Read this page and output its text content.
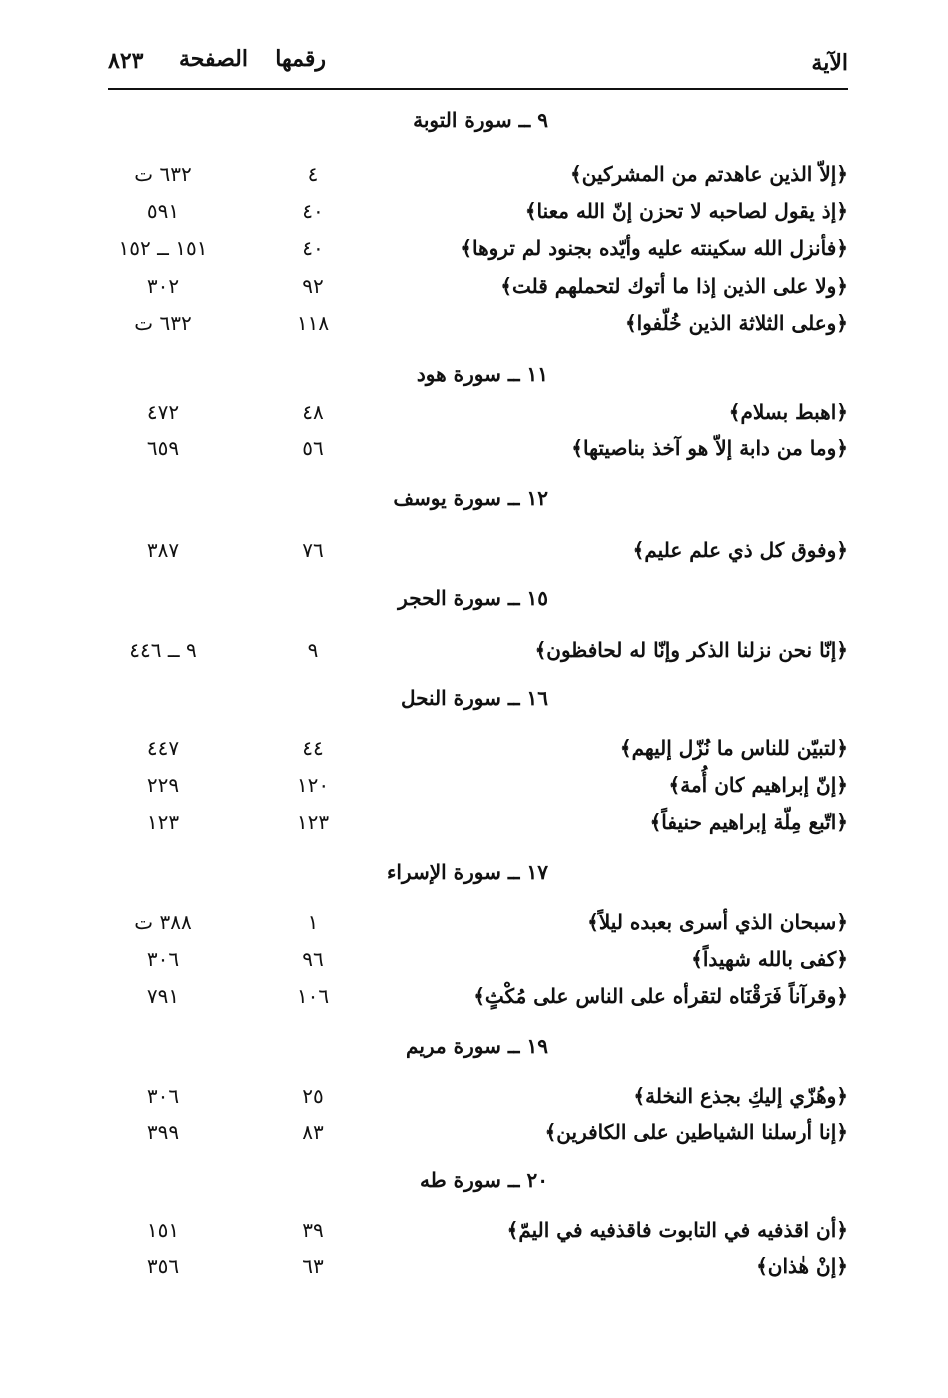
الآية
رقمها
الصفحة
٨٢٣
٩ ــ سورة التوبة
﴿إلاّ الذين عاهدتم من المشركين﴾
٤
٦٣٢ ت
﴿إذ يقول لصاحبه لا تحزن إنّ الله معنا﴾
٤٠
٥٩١
﴿فأنزل الله سكينته عليه وأيّده بجنود لم تروها﴾
٤٠
١٥١ ــ ١٥٢
﴿ولا على الذين إذا ما أتوك لتحملهم قلت﴾
٩٢
٣٠٢
﴿وعلى الثلاثة الذين خُلّفوا﴾
١١٨
٦٣٢ ت
١١ ــ سورة هود
﴿اهبط بسلام﴾
٤٨
٤٧٢
﴿وما من دابة إلاّ هو آخذ بناصيتها﴾
٥٦
٦٥٩
١٢ ــ سورة يوسف
﴿وفوق كل ذي علم عليم﴾
٧٦
٣٨٧
١٥ ــ سورة الحجر
﴿إنّا نحن نزلنا الذكر وإنّا له لحافظون﴾
٩
٩ ــ ٤٤٦
١٦ ــ سورة النحل
﴿لتبيّن للناس ما نُزّل إليهم﴾
٤٤
٤٤٧
﴿إنّ إبراهيم كان أُمة﴾
١٢٠
٢٢٩
﴿اتّبع مِلّة إبراهيم حنيفاً﴾
١٢٣
١٢٣
١٧ ــ سورة الإسراء
﴿سبحان الذي أسرى بعبده ليلاً﴾
١
٣٨٨ ت
﴿كفى بالله شهيداً﴾
٩٦
٣٠٦
﴿وقرآناً فَرَقْنَاه لتقرأه على الناس على مُكْثٍ﴾
١٠٦
٧٩١
١٩ ــ سورة مريم
﴿وهُزّي إليكِ بجذع النخلة﴾
٢٥
٣٠٦
﴿إنا أرسلنا الشياطين على الكافرين﴾
٨٣
٣٩٩
٢٠ ــ سورة طه
﴿أن اقذفيه في التابوت فاقذفيه في اليمّ﴾
٣٩
١٥١
﴿إنْ هٰذان﴾
٦٣
٣٥٦
